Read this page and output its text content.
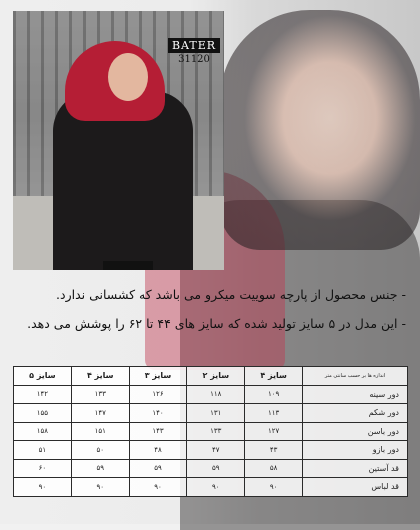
BATER
31120
- جنس محصول از پارچه سوییت میکرو می باشد که کشسانی ندارد.
- این مدل در ۵ سایز تولید شده که سایز های ۴۴ تا ۶۲ را پوشش می دهد.
اندازه ها بر حسب سانتی متر	سایز ۴	سایز ۲	سایز ۳	سایز ۴	سایز ۵
دور سینه	۱۰۹	۱۱۸	۱۲۶	۱۳۳	۱۴۲
دور شکم	۱۱۳	۱۳۱	۱۴۰	۱۴۷	۱۵۵
دور باسن	۱۲۷	۱۳۳	۱۴۳	۱۵۱	۱۵۸
دور بازو	۴۳	۴۷	۴۸	۵۰	۵۱
قد آستین	۵۸	۵۹	۵۹	۵۹	۶۰
قد لباس	۹۰	۹۰	۹۰	۹۰	۹۰
